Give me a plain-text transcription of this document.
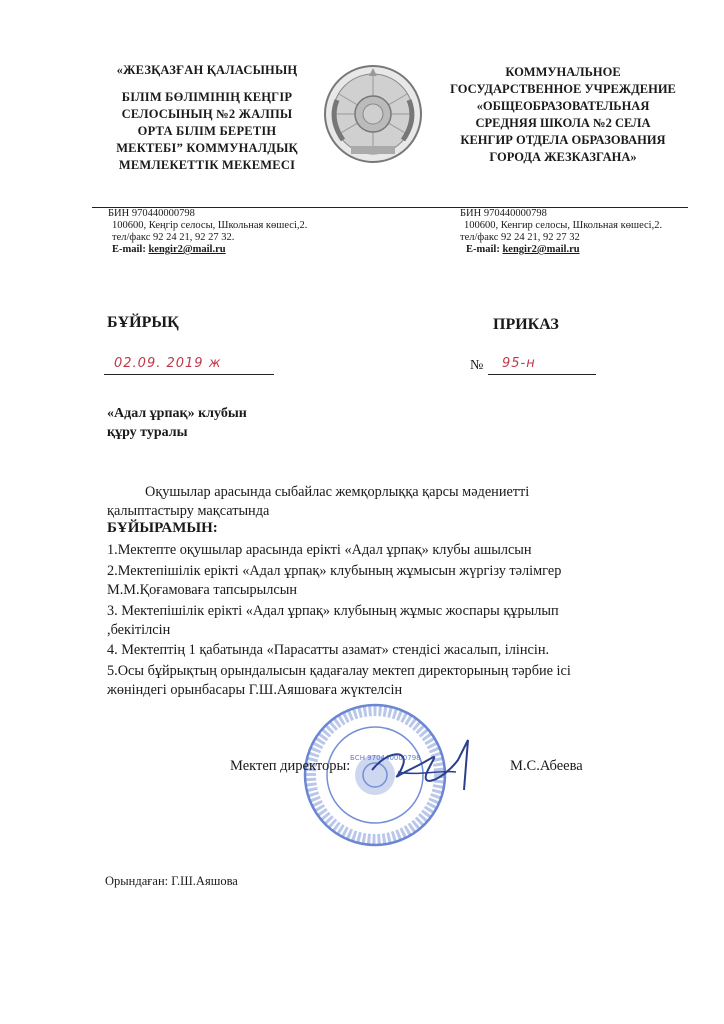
«ЖЕЗҚАЗҒАН ҚАЛАСЫНЫҢ
БІЛІМ БӨЛІМІНІҢ КЕҢГІР
СЕЛОСЫНЫҢ №2 ЖАЛПЫ
ОРТА БІЛІМ БЕРЕТІН
МЕКТЕБІ” КОММУНАЛДЫҚ
МЕМЛЕКЕТТІК МЕКЕМЕСІ
КОММУНАЛЬНОЕ
ГОСУДАРСТВЕННОЕ УЧРЕЖДЕНИЕ
«ОБЩЕОБРАЗОВАТЕЛЬНАЯ
СРЕДНЯЯ ШКОЛА №2 СЕЛА
КЕНГИР ОТДЕЛА ОБРАЗОВАНИЯ
ГОРОДА ЖЕЗКАЗГАНА»
БИН 970440000798
100600, Кеңгір селосы, Школьная көшесі,2.
тел/факс 92 24 21, 92 27 32.
E-mail: kengir2@mail.ru
БИН 970440000798
100600, Кенгир селосы, Школьная көшесі,2.
тел/факс 92 24 21, 92 27 32
E-mail: kengir2@mail.ru
БҰЙРЫҚ	ПРИКАЗ
02.09. 2019 ж	№ 95-н
«Адал ұрпақ» клубын
құру туралы
Оқушылар арасында сыбайлас жемқорлыққа қарсы мәдениетті
қалыптастыру мақсатында
БҰЙЫРАМЫН:
1.Мектепте оқушылар арасында ерікті «Адал ұрпақ» клубы ашылсын
2.Мектепішілік ерікті «Адал ұрпақ» клубының жұмысын жүргізу тәлімгер
М.М.Қоғамоваға тапсырылсын
3. Мектепішілік ерікті «Адал ұрпақ» клубының жұмыс жоспары құрылып
,бекітілсін
4. Мектептің 1 қабатында «Парасатты азамат» стендісі жасалып, ілінсін.
5.Осы бұйрықтың орындалысын қадағалау мектеп директорының тәрбие ісі
жөніндегі орынбасары Г.Ш.Аяшоваға жүктелсін
БСН 970440000798
Мектеп директоры:	М.С.Абеева
Орындаған: Г.Ш.Аяшова
